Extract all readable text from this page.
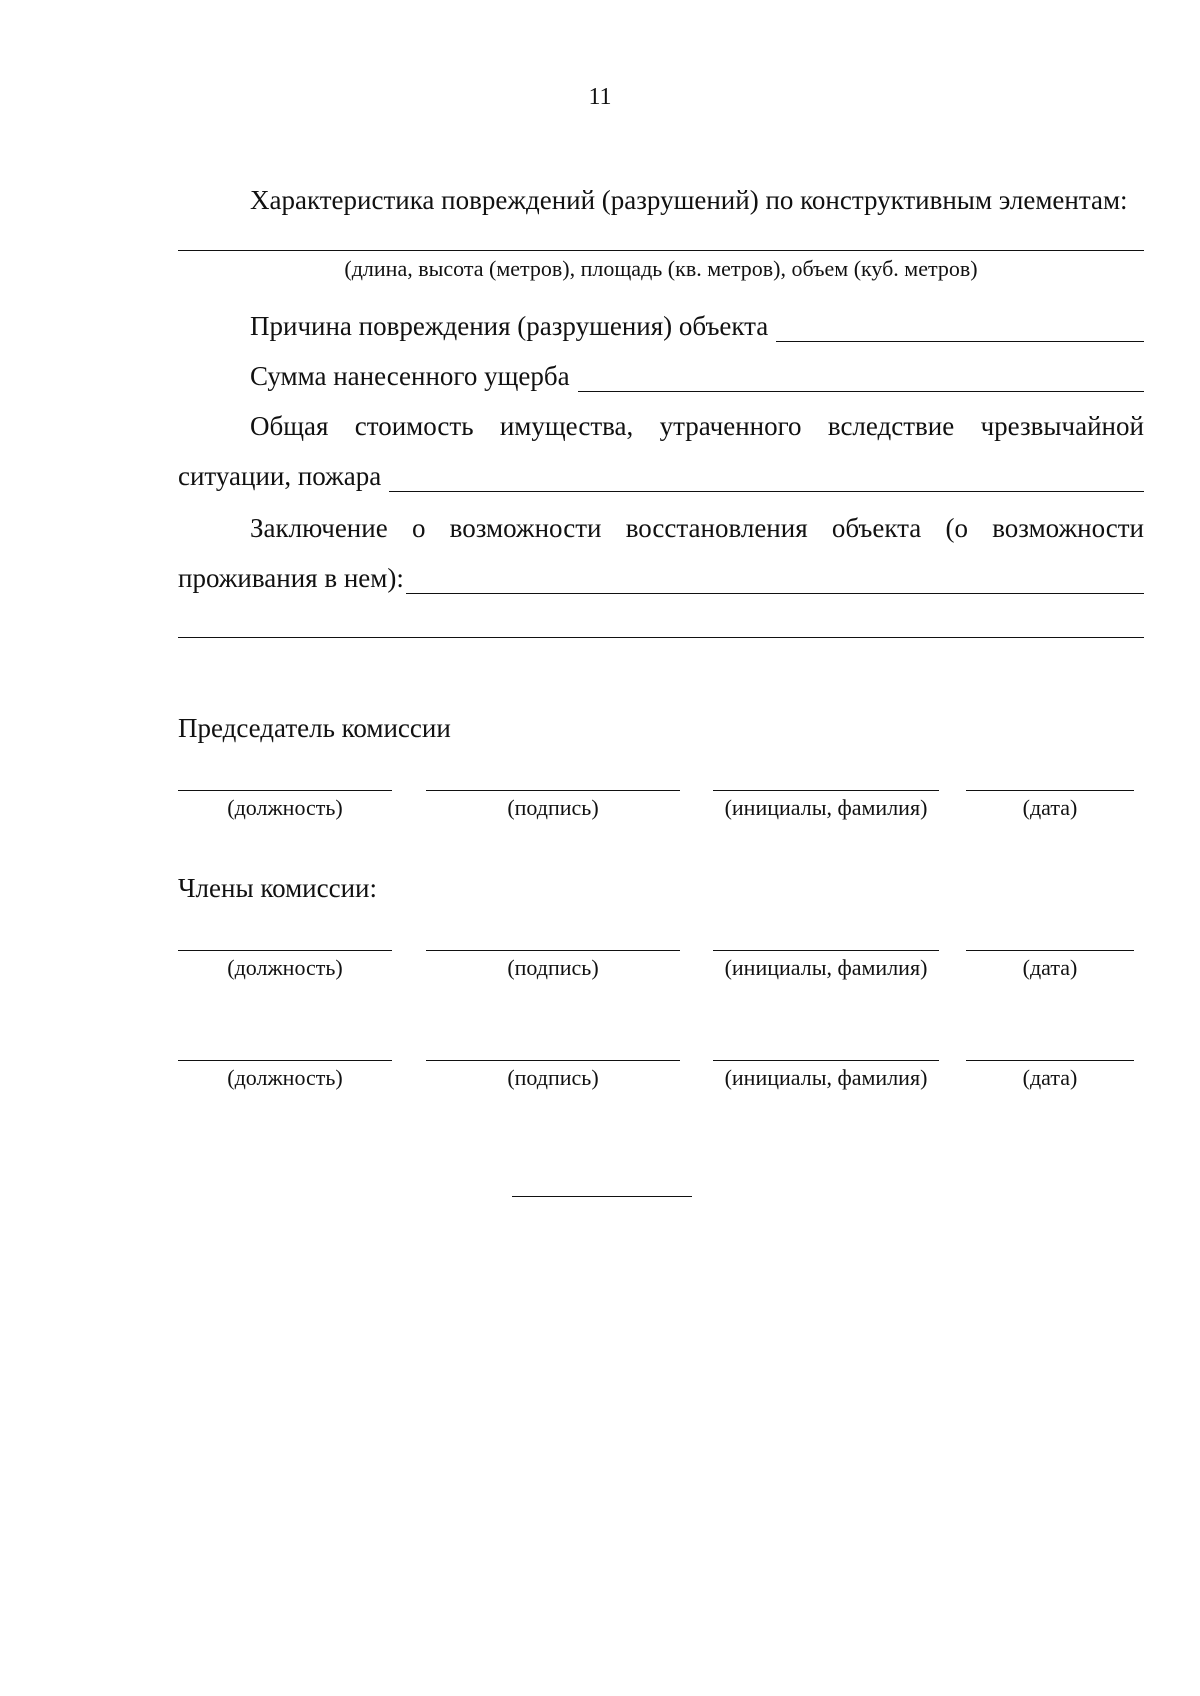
11
Характеристика повреждений (разрушений) по конструктивным элементам:
(длина, высота (метров), площадь (кв. метров), объем (куб. метров)
Причина повреждения (разрушения) объекта
Сумма нанесенного ущерба
Общая стоимость имущества, утраченного вследствие чрезвычайной
ситуации, пожара
Заключение о возможности восстановления объекта (о возможности
проживания в нем):
Председатель комиссии
(должность)	(подпись)	(инициалы, фамилия)	(дата)
Члены комиссии:
(должность)	(подпись)	(инициалы, фамилия)	(дата)
(должность)	(подпись)	(инициалы, фамилия)	(дата)
